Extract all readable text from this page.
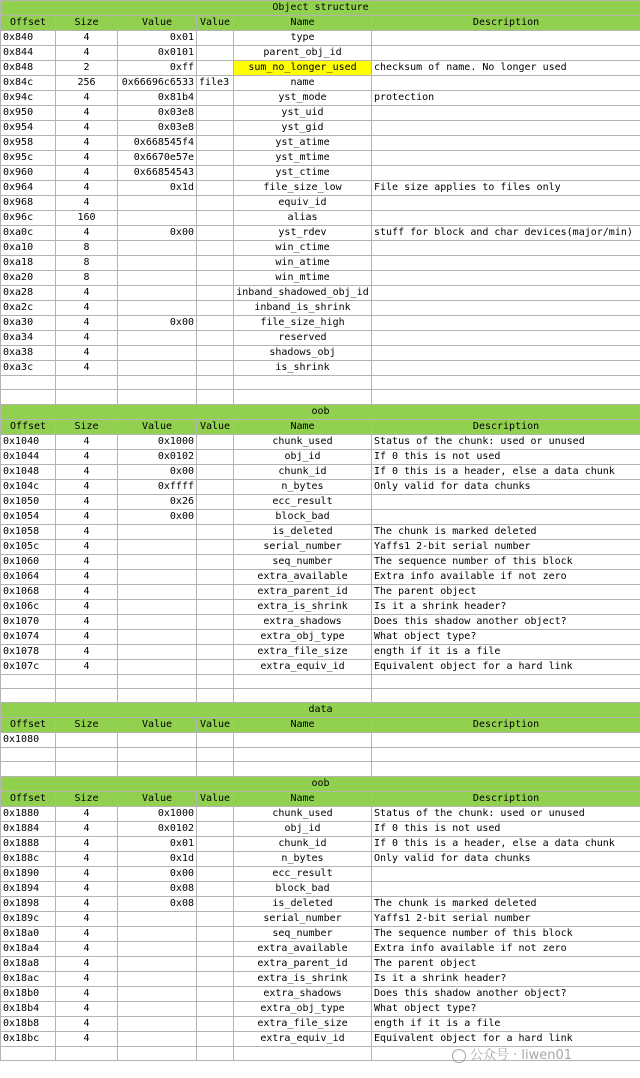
Object structure					
Offset	Size	Value	Value	Name	Description
0x840	4	0x01		type	
0x844	4	0x0101		parent_obj_id	
0x848	2	0xff		sum_no_longer_used	checksum of name. No longer used
0x84c	256	0x66696c6533	file3	name	
0x94c	4	0x81b4		yst_mode	protection
0x950	4	0x03e8		yst_uid	
0x954	4	0x03e8		yst_gid	
0x958	4	0x668545f4		yst_atime	
0x95c	4	0x6670e57e		yst_mtime	
0x960	4	0x66854543		yst_ctime	
0x964	4	0x1d		file_size_low	File size applies to files only
0x968	4			equiv_id	
0x96c	160			alias	
0xa0c	4	0x00		yst_rdev	stuff for block and char devices(major/min)
0xa10	8			win_ctime	
0xa18	8			win_atime	
0xa20	8			win_mtime	
0xa28	4			inband_shadowed_obj_id	
0xa2c	4			inband_is_shrink	
0xa30	4	0x00		file_size_high	
0xa34	4			reserved	
0xa38	4			shadows_obj	
0xa3c	4			is_shrink	

oob					
Offset	Size	Value	Value	Name	Description
0x1040	4	0x1000		chunk_used	Status of the chunk: used or unused
0x1044	4	0x0102		obj_id	If 0 this is not used
0x1048	4	0x00		chunk_id	If 0 this is a header, else a data chunk
0x104c	4	0xffff		n_bytes	Only valid for data chunks
0x1050	4	0x26		ecc_result	
0x1054	4	0x00		block_bad	
0x1058	4			is_deleted	The chunk is marked deleted
0x105c	4			serial_number	Yaffs1 2-bit serial number
0x1060	4			seq_number	The sequence number of this block
0x1064	4			extra_available	Extra info available if not zero
0x1068	4			extra_parent_id	The parent object
0x106c	4			extra_is_shrink	Is it a shrink header?
0x1070	4			extra_shadows	Does this shadow another object?
0x1074	4			extra_obj_type	What object type?
0x1078	4			extra_file_size	ength if it is a file
0x107c	4			extra_equiv_id	Equivalent object for a hard link

data					
Offset	Size	Value	Value	Name	Description
0x1080					

oob					
Offset	Size	Value	Value	Name	Description
0x1880	4	0x1000		chunk_used	Status of the chunk: used or unused
0x1884	4	0x0102		obj_id	If 0 this is not used
0x1888	4	0x01		chunk_id	If 0 this is a header, else a data chunk
0x188c	4	0x1d		n_bytes	Only valid for data chunks
0x1890	4	0x00		ecc_result	
0x1894	4	0x08		block_bad	
0x1898	4	0x08		is_deleted	The chunk is marked deleted
0x189c	4			serial_number	Yaffs1 2-bit serial number
0x18a0	4			seq_number	The sequence number of this block
0x18a4	4			extra_available	Extra info available if not zero
0x18a8	4			extra_parent_id	The parent object
0x18ac	4			extra_is_shrink	Is it a shrink header?
0x18b0	4			extra_shadows	Does this shadow another object?
0x18b4	4			extra_obj_type	What object type?
0x18b8	4			extra_file_size	ength if it is a file
0x18bc	4			extra_equiv_id	Equivalent object for a hard link

公众号 · liwen01
